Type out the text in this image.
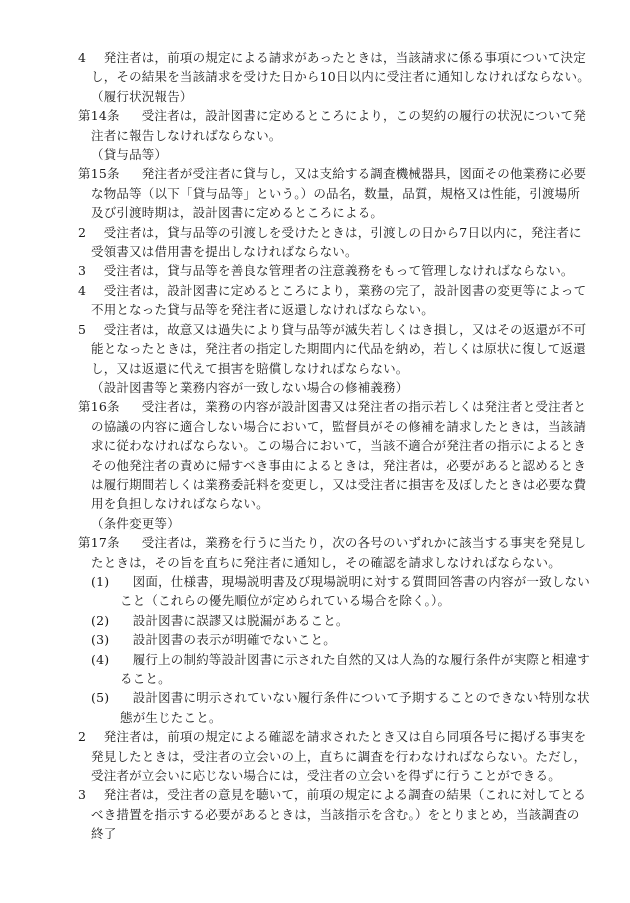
4 　発注者は，前項の規定による請求があったときは，当該請求に係る事項について決定し，その結果を当該請求を受けた日から10日以内に受注者に通知しなければならない。
（履行状況報告）
第14条 　受注者は，設計図書に定めるところにより，この契約の履行の状況について発注者に報告しなければならない。
（貸与品等）
第15条 　発注者が受注者に貸与し，又は支給する調査機械器具，図面その他業務に必要な物品等（以下「貸与品等」という。）の品名，数量，品質，規格又は性能，引渡場所及び引渡時期は，設計図書に定めるところによる。
2 　受注者は，貸与品等の引渡しを受けたときは，引渡しの日から7日以内に，発注者に受領書又は借用書を提出しなければならない。
3 　受注者は，貸与品等を善良な管理者の注意義務をもって管理しなければならない。
4 　受注者は，設計図書に定めるところにより，業務の完了，設計図書の変更等によって不用となった貸与品等を発注者に返還しなければならない。
5 　受注者は，故意又は過失により貸与品等が滅失若しくはき損し，又はその返還が不可能となったときは，発注者の指定した期間内に代品を納め，若しくは原状に復して返還し，又は返還に代えて損害を賠償しなければならない。
（設計図書等と業務内容が一致しない場合の修補義務）
第16条 　受注者は，業務の内容が設計図書又は発注者の指示若しくは発注者と受注者との協議の内容に適合しない場合において，監督員がその修補を請求したときは，当該請求に従わなければならない。この場合において，当該不適合が発注者の指示によるときその他発注者の責めに帰すべき事由によるときは，発注者は，必要があると認めるときは履行期間若しくは業務委託料を変更し，又は受注者に損害を及ぼしたときは必要な費用を負担しなければならない。
（条件変更等）
第17条 　受注者は，業務を行うに当たり，次の各号のいずれかに該当する事実を発見したときは，その旨を直ちに発注者に通知し，その確認を請求しなければならない。
(1) 　図面，仕様書，現場説明書及び現場説明に対する質問回答書の内容が一致しないこと（これらの優先順位が定められている場合を除く。）。
(2) 　設計図書に誤謬又は脱漏があること。
(3) 　設計図書の表示が明確でないこと。
(4) 　履行上の制約等設計図書に示された自然的又は人為的な履行条件が実際と相違すること。
(5) 　設計図書に明示されていない履行条件について予期することのできない特別な状態が生じたこと。
2 　発注者は，前項の規定による確認を請求されたとき又は自ら同項各号に掲げる事実を発見したときは，受注者の立会いの上，直ちに調査を行わなければならない。ただし，受注者が立会いに応じない場合には，受注者の立会いを得ずに行うことができる。
3 　発注者は，受注者の意見を聴いて，前項の規定による調査の結果（これに対してとるべき措置を指示する必要があるときは，当該指示を含む。）をとりまとめ，当該調査の終了
